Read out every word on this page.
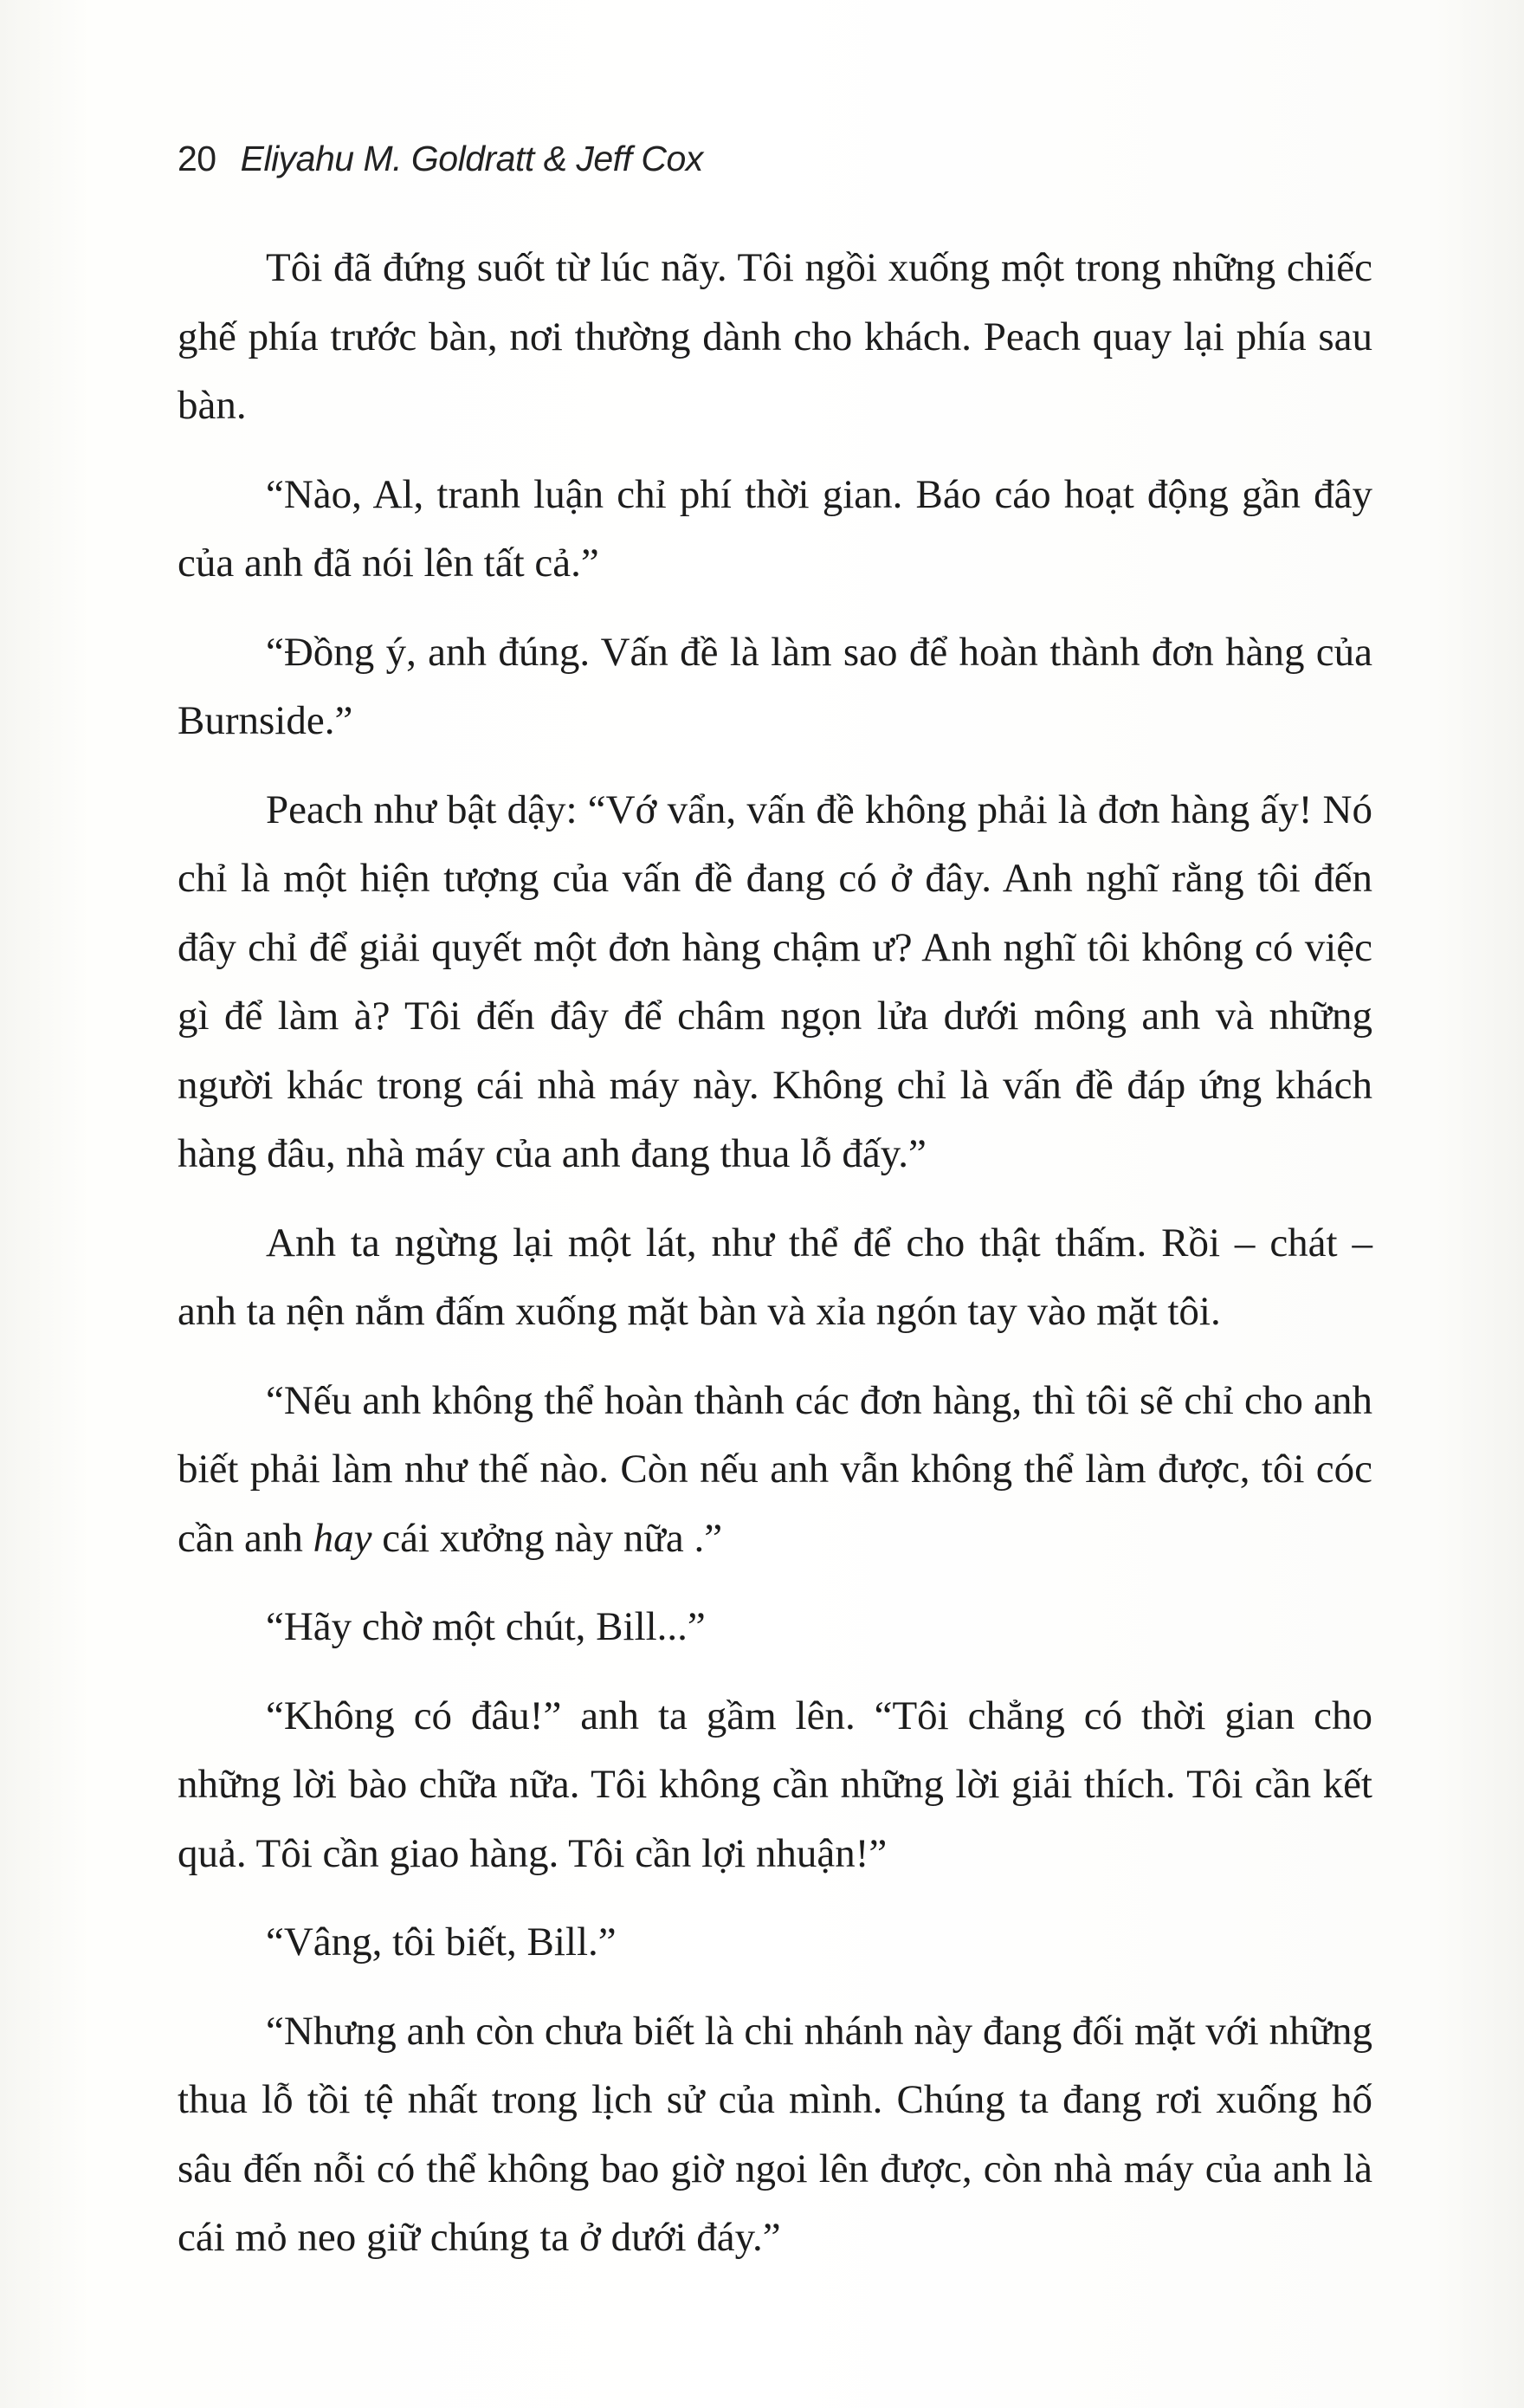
20 Eliyahu M. Goldratt & Jeff Cox

Tôi đã đứng suốt từ lúc nãy. Tôi ngồi xuống một trong những chiếc ghế phía trước bàn, nơi thường dành cho khách. Peach quay lại phía sau bàn.

“Nào, Al, tranh luận chỉ phí thời gian. Báo cáo hoạt động gần đây của anh đã nói lên tất cả.”

“Đồng ý, anh đúng. Vấn đề là làm sao để hoàn thành đơn hàng của Burnside.”

Peach như bật dậy: “Vớ vẩn, vấn đề không phải là đơn hàng ấy! Nó chỉ là một hiện tượng của vấn đề đang có ở đây. Anh nghĩ rằng tôi đến đây chỉ để giải quyết một đơn hàng chậm ư? Anh nghĩ tôi không có việc gì để làm à? Tôi đến đây để châm ngọn lửa dưới mông anh và những người khác trong cái nhà máy này. Không chỉ là vấn đề đáp ứng khách hàng đâu, nhà máy của anh đang thua lỗ đấy.”

Anh ta ngừng lại một lát, như thể để cho thật thấm. Rồi – chát – anh ta nện nắm đấm xuống mặt bàn và xỉa ngón tay vào mặt tôi.

“Nếu anh không thể hoàn thành các đơn hàng, thì tôi sẽ chỉ cho anh biết phải làm như thế nào. Còn nếu anh vẫn không thể làm được, tôi cóc cần anh hay cái xưởng này nữa .”

“Hãy chờ một chút, Bill...”

“Không có đâu!” anh ta gầm lên. “Tôi chẳng có thời gian cho những lời bào chữa nữa. Tôi không cần những lời giải thích. Tôi cần kết quả. Tôi cần giao hàng. Tôi cần lợi nhuận!”

“Vâng, tôi biết, Bill.”

“Nhưng anh còn chưa biết là chi nhánh này đang đối mặt với những thua lỗ tồi tệ nhất trong lịch sử của mình. Chúng ta đang rơi xuống hố sâu đến nỗi có thể không bao giờ ngoi lên được, còn nhà máy của anh là cái mỏ neo giữ chúng ta ở dưới đáy.”
